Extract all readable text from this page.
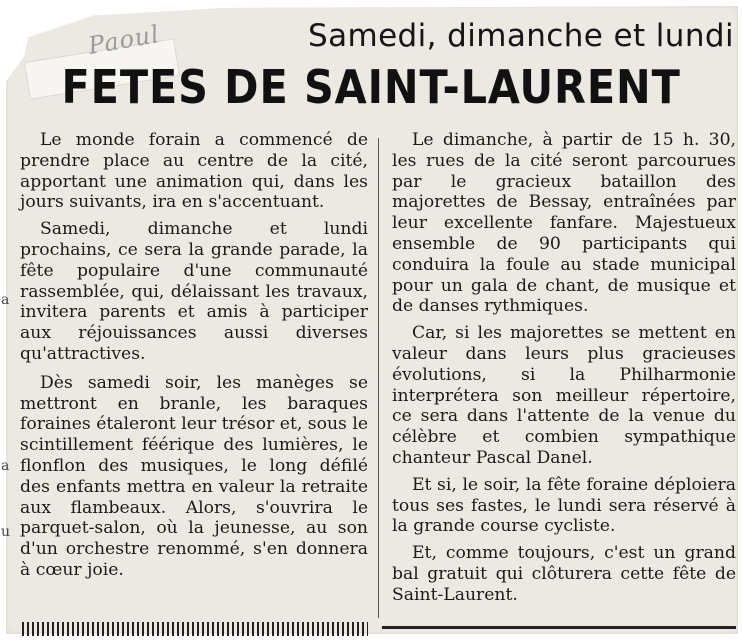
Paoul	Samedi, dimanche et lundi
FETES DE SAINT-LAURENT
a
a
u

Le monde forain a commencé de prendre place au centre de la cité, apportant une animation qui, dans les jours suivants, ira en s'accentuant.

Samedi, dimanche et lundi prochains, ce sera la grande parade, la fête populaire d'une communauté rassemblée, qui, délaissant les travaux, invitera parents et amis à participer aux réjouissances aussi diverses qu'attractives.

Dès samedi soir, les manèges se mettront en branle, les baraques foraines étaleront leur trésor et, sous le scintillement féérique des lumières, le flonflon des musiques, le long défilé des enfants mettra en valeur la retraite aux flambeaux. Alors, s'ouvrira le parquet-salon, où la jeunesse, au son d'un orchestre renommé, s'en donnera à cœur joie.

Le dimanche, à partir de 15 h. 30, les rues de la cité seront parcourues par le gracieux bataillon des majorettes de Bessay, entraînées par leur excellente fanfare. Majestueux ensemble de 90 participants qui conduira la foule au stade municipal pour un gala de chant, de musique et de danses rythmiques.

Car, si les majorettes se mettent en valeur dans leurs plus gracieuses évolutions, si la Philharmonie interprétera son meilleur répertoire, ce sera dans l'attente de la venue du célèbre et combien sympathique chanteur Pascal Danel.

Et si, le soir, la fête foraine déploiera tous ses fastes, le lundi sera réservé à la grande course cycliste.

Et, comme toujours, c'est un grand bal gratuit qui clôturera cette fête de Saint-Laurent.
